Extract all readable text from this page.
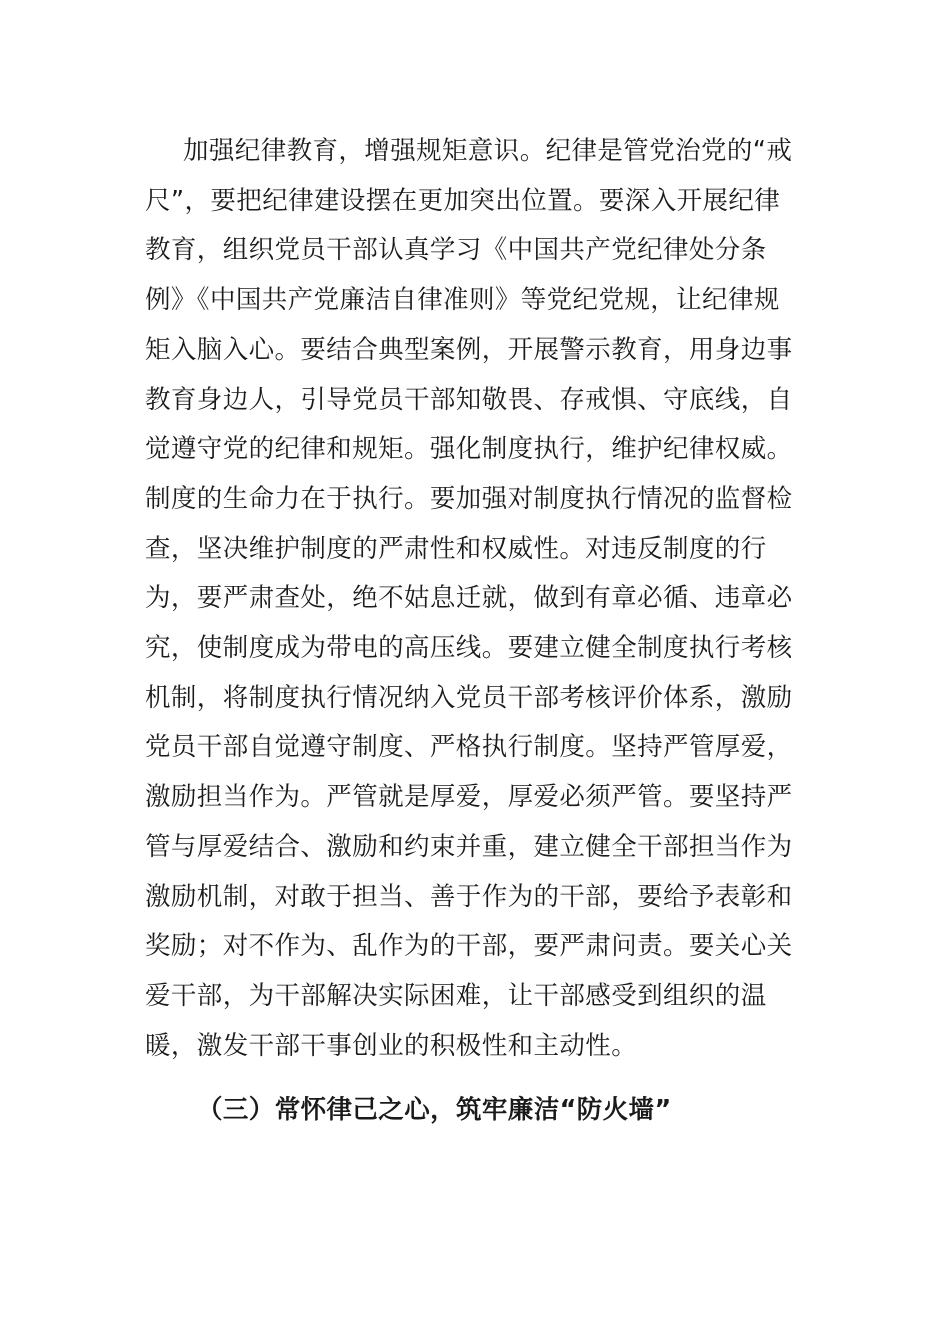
加强纪律教育，增强规矩意识。纪律是管党治党的“戒尺”，要把纪律建设摆在更加突出位置。要深入开展纪律教育，组织党员干部认真学习《中国共产党纪律处分条例》《中国共产党廉洁自律准则》等党纪党规，让纪律规矩入脑入心。要结合典型案例，开展警示教育，用身边事教育身边人，引导党员干部知敬畏、存戒惧、守底线，自觉遵守党的纪律和规矩。强化制度执行，维护纪律权威。制度的生命力在于执行。要加强对制度执行情况的监督检查，坚决维护制度的严肃性和权威性。对违反制度的行为，要严肃查处，绝不姑息迁就，做到有章必循、违章必究，使制度成为带电的高压线。要建立健全制度执行考核机制，将制度执行情况纳入党员干部考核评价体系，激励党员干部自觉遵守制度、严格执行制度。坚持严管厚爱，激励担当作为。严管就是厚爱，厚爱必须严管。要坚持严管与厚爱结合、激励和约束并重，建立健全干部担当作为激励机制，对敢于担当、善于作为的干部，要给予表彰和奖励；对不作为、乱作为的干部，要严肃问责。要关心关爱干部，为干部解决实际困难，让干部感受到组织的温暖，激发干部干事创业的积极性和主动性。

（三）常怀律己之心，筑牢廉洁“防火墙”
